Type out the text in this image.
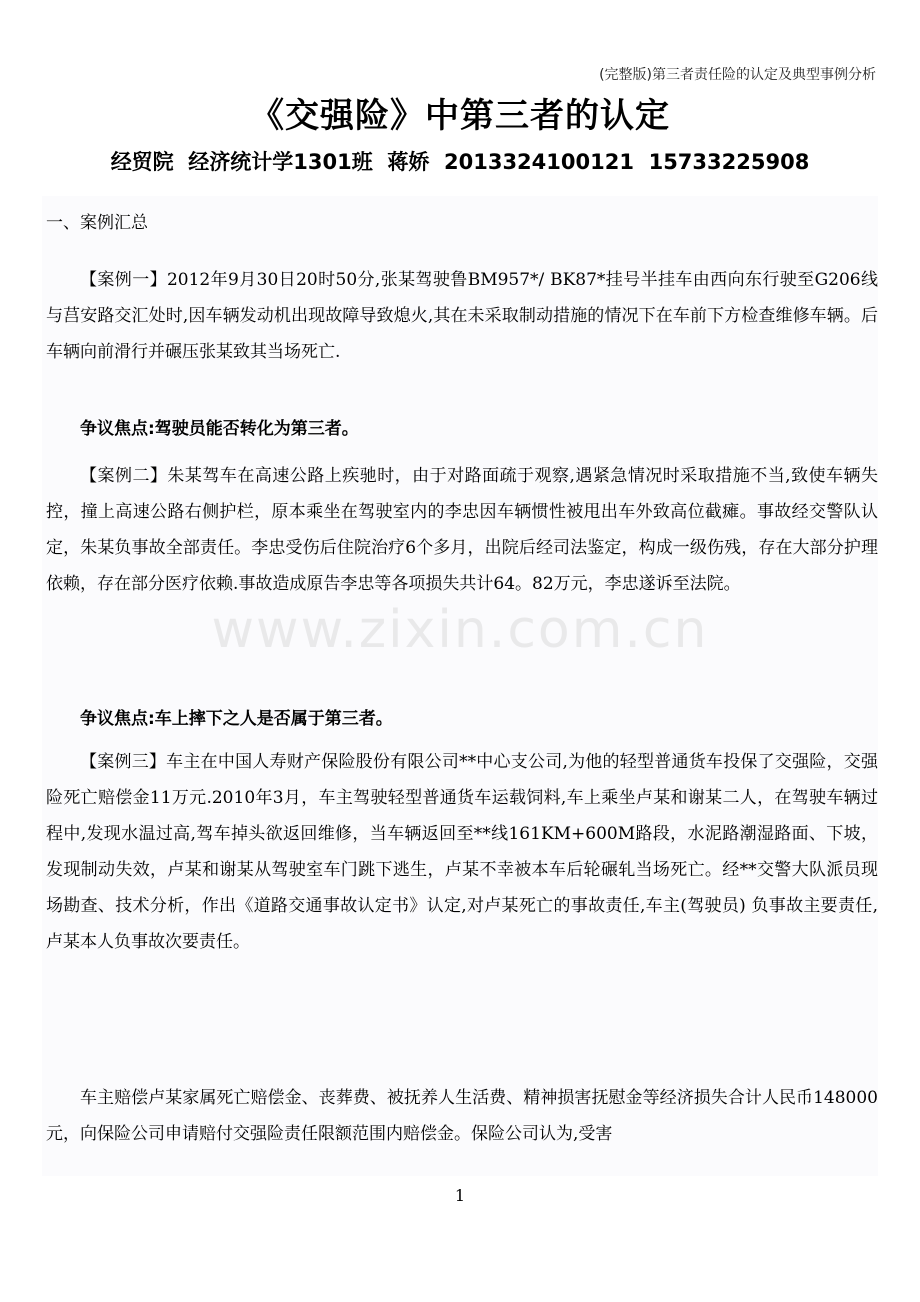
(完整版)第三者责任险的认定及典型事例分析
《交强险》中第三者的认定
经贸院  经济统计学1301班  蒋娇  2013324100121  15733225908
一、案例汇总

【案例一】2012年9月30日20时50分,张某驾驶鲁BM957*/ BK87*挂号半挂车由西向东行驶至G206线与莒安路交汇处时,因车辆发动机出现故障导致熄火,其在未采取制动措施的情况下在车前下方检查维修车辆。后车辆向前滑行并碾压张某致其当场死亡.

争议焦点:驾驶员能否转化为第三者。

【案例二】朱某驾车在高速公路上疾驰时，由于对路面疏于观察,遇紧急情况时采取措施不当,致使车辆失控，撞上高速公路右侧护栏，原本乘坐在驾驶室内的李忠因车辆惯性被甩出车外致高位截瘫。事故经交警队认定，朱某负事故全部责任。李忠受伤后住院治疗6个多月，出院后经司法鉴定，构成一级伤残，存在大部分护理依赖，存在部分医疗依赖.事故造成原告李忠等各项损失共计64。82万元，李忠遂诉至法院。

争议焦点:车上摔下之人是否属于第三者。

【案例三】车主在中国人寿财产保险股份有限公司**中心支公司,为他的轻型普通货车投保了交强险，交强险死亡赔偿金11万元.2010年3月，车主驾驶轻型普通货车运载饲料,车上乘坐卢某和谢某二人，在驾驶车辆过程中,发现水温过高,驾车掉头欲返回维修，当车辆返回至**线161KM+600M路段，水泥路潮湿路面、下坡，发现制动失效，卢某和谢某从驾驶室车门跳下逃生，卢某不幸被本车后轮碾轧当场死亡。经**交警大队派员现场勘查、技术分析，作出《道路交通事故认定书》认定,对卢某死亡的事故责任,车主(驾驶员) 负事故主要责任,卢某本人负事故次要责任。

车主赔偿卢某家属死亡赔偿金、丧葬费、被抚养人生活费、精神损害抚慰金等经济损失合计人民币148000元，向保险公司申请赔付交强险责任限额范围内赔偿金。保险公司认为,受害

www.zixin.com.cn
1
